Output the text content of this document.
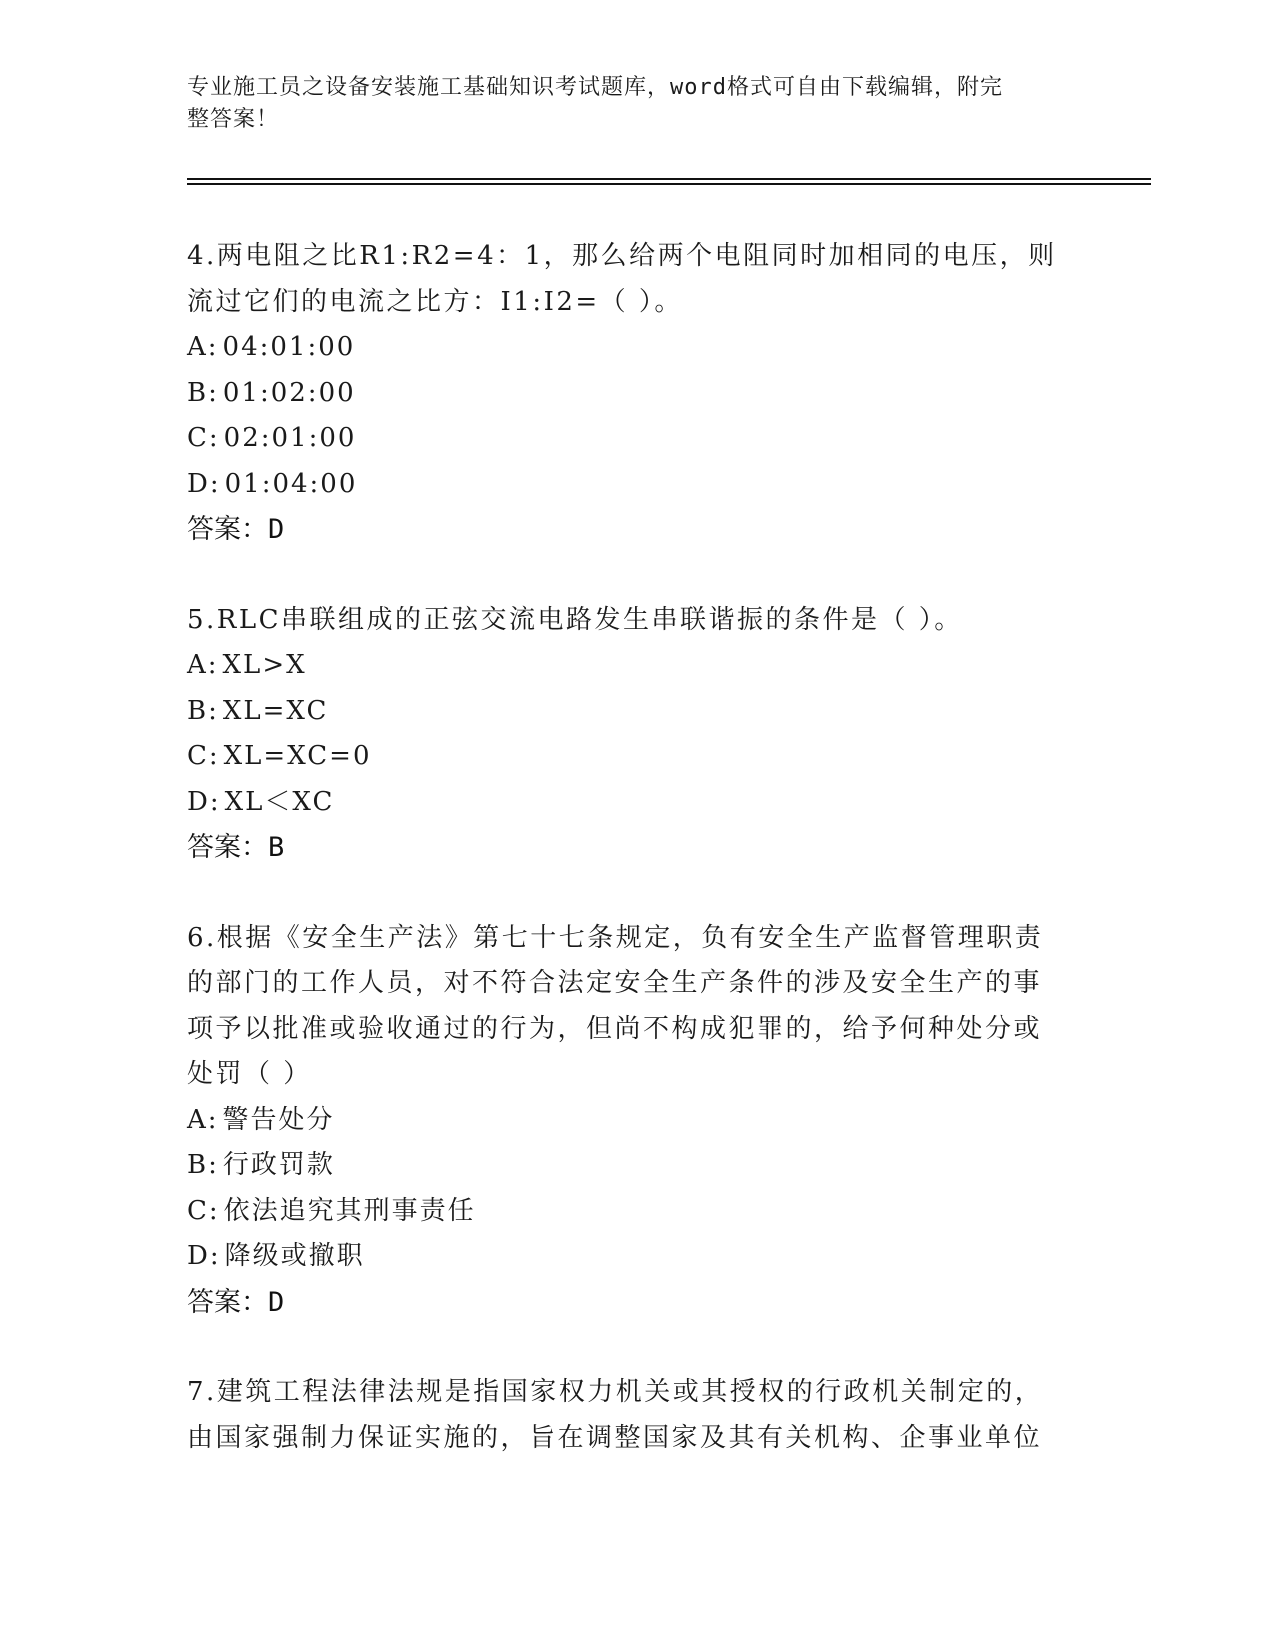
专业施工员之设备安装施工基础知识考试题库，word格式可自由下载编辑，附完
整答案！

4.两电阻之比R1:R2=4：1，那么给两个电阻同时加相同的电压，则流过它们的电流之比方：I1:I2=（ ）。

A: 04:01:00

B: 01:02:00

C: 02:01:00

D: 01:04:00

答案：D

5.RLC串联组成的正弦交流电路发生串联谐振的条件是（ ）。

A: XL>X

B: XL=XC

C: XL=XC=0

D: XL＜XC

答案：B

6.根据《安全生产法》第七十七条规定，负有安全生产监督管理职责的部门的工作人员，对不符合法定安全生产条件的涉及安全生产的事项予以批准或验收通过的行为，但尚不构成犯罪的，给予何种处分或处罚（ ）

A: 警告处分

B: 行政罚款

C: 依法追究其刑事责任

D: 降级或撤职

答案：D

7.建筑工程法律法规是指国家权力机关或其授权的行政机关制定的，由国家强制力保证实施的，旨在调整国家及其有关机构、企事业单位
